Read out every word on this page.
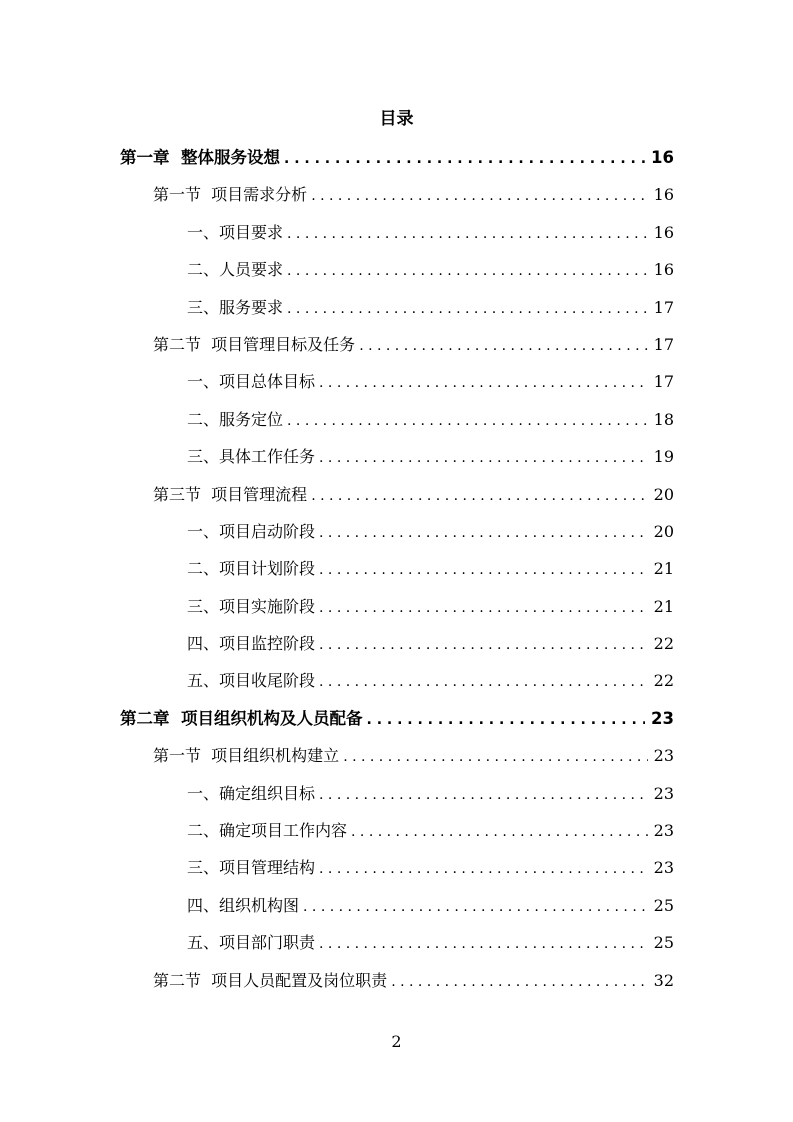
目录
第一章  整体服务设想 . . .	16
第一节  项目需求分析 . . .	16
一、项目要求 . . .	16
二、人员要求 . . .	16
三、服务要求 . . .	17
第二节  项目管理目标及任务 . . .	17
一、项目总体目标 . . .	17
二、服务定位 . . .	18
三、具体工作任务 . . .	19
第三节  项目管理流程 . . .	20
一、项目启动阶段 . . .	20
二、项目计划阶段 . . .	21
三、项目实施阶段 . . .	21
四、项目监控阶段 . . .	22
五、项目收尾阶段 . . .	22
第二章  项目组织机构及人员配备 . . .	23
第一节  项目组织机构建立 . . .	23
一、确定组织目标 . . .	23
二、确定项目工作内容 . . .	23
三、项目管理结构 . . .	23
四、组织机构图 . . .	25
五、项目部门职责 . . .	25
第二节  项目人员配置及岗位职责 . . .	32
2
